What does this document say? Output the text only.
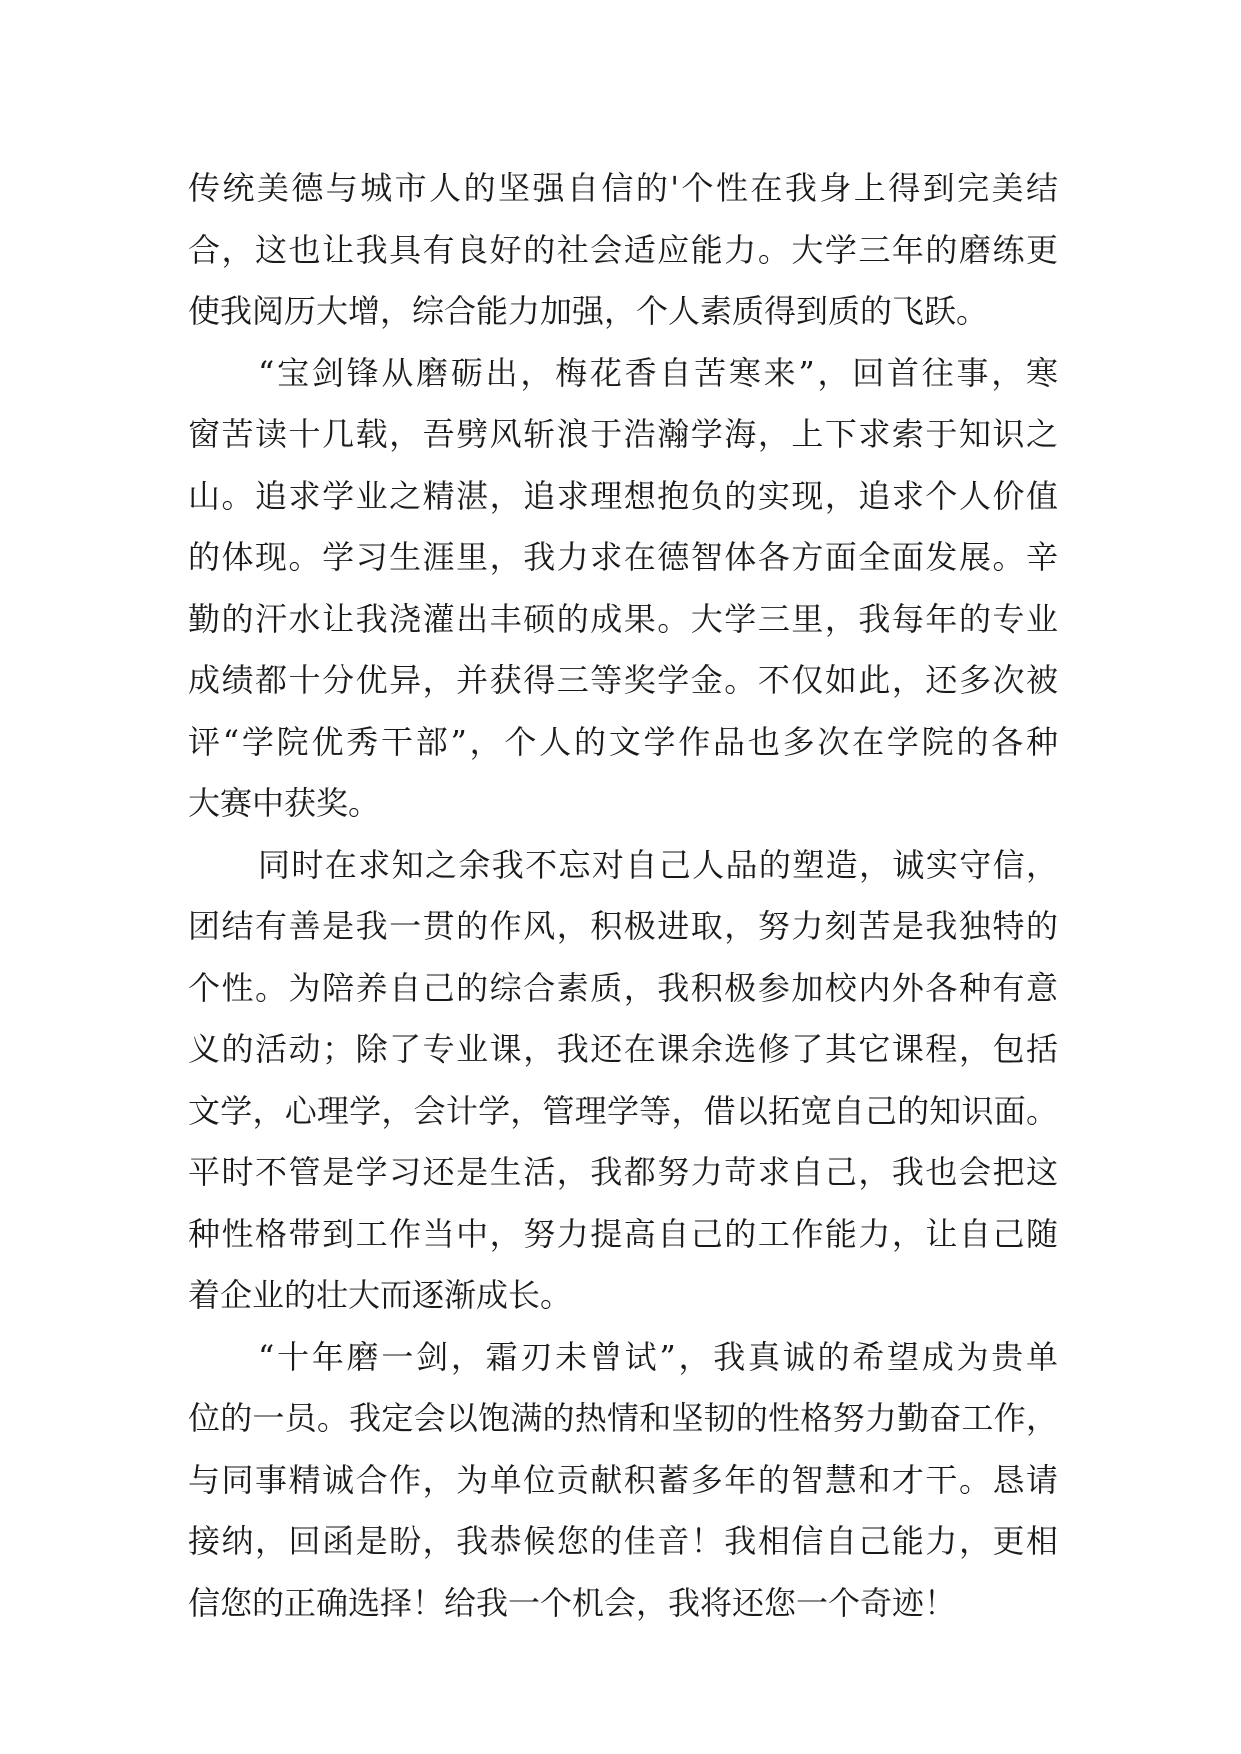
传统美德与城市人的坚强自信的'个性在我身上得到完美结
合，这也让我具有良好的社会适应能力。大学三年的磨练更
使我阅历大增，综合能力加强，个人素质得到质的飞跃。
“宝剑锋从磨砺出，梅花香自苦寒来”，回首往事，寒
窗苦读十几载，吾劈风斩浪于浩瀚学海，上下求索于知识之
山。追求学业之精湛，追求理想抱负的实现，追求个人价值
的体现。学习生涯里，我力求在德智体各方面全面发展。辛
勤的汗水让我浇灌出丰硕的成果。大学三里，我每年的专业
成绩都十分优异，并获得三等奖学金。不仅如此，还多次被
评“学院优秀干部”，个人的文学作品也多次在学院的各种
大赛中获奖。
同时在求知之余我不忘对自己人品的塑造，诚实守信，
团结有善是我一贯的作风，积极进取，努力刻苦是我独特的
个性。为陪养自己的综合素质，我积极参加校内外各种有意
义的活动；除了专业课，我还在课余选修了其它课程，包括
文学，心理学，会计学，管理学等，借以拓宽自己的知识面。
平时不管是学习还是生活，我都努力苛求自己，我也会把这
种性格带到工作当中，努力提高自己的工作能力，让自己随
着企业的壮大而逐渐成长。
“十年磨一剑，霜刃未曾试”，我真诚的希望成为贵单
位的一员。我定会以饱满的热情和坚韧的性格努力勤奋工作，
与同事精诚合作，为单位贡献积蓄多年的智慧和才干。恳请
接纳，回函是盼，我恭候您的佳音！我相信自己能力，更相
信您的正确选择！给我一个机会，我将还您一个奇迹！
